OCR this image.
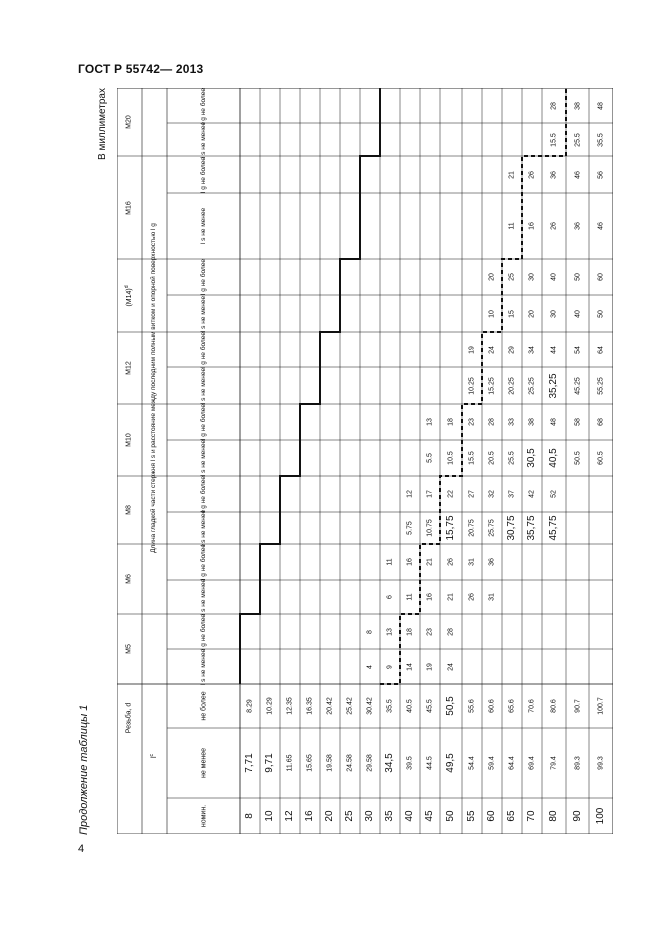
ГОСТ Р 55742— 2013
В миллиметрах
Продолжение таблицы 1
4
M20
M16
$(M14)^d$
M12
M10
M8
M6
M5
Длина гладкой части стержня l s и расстояние между последним полным витком и опорной поверхностью l g
l g не более
l s не менее
l g не более
l s не менее
l g не более
l s не менее
l g не более
l s не менее
l g не более
l s не менее
l g не более
l s не менее
l g не более
l s не менее
l g не более
l s не менее
Резьба, d
$l^c$
не более
не менее
номин.
8.29
7,71
8
10.29
9,71
10
12.35
11.65
12
16.35
15.65
16
20.42
19.58
20
25.42
24.58
25
30.42
29.58
30
4
8
35.5
34,5
35
9
13
6
11
40.5
39.5
40
14
18
11
16
5.75
12
45.5
44.5
45
19
23
16
21
10.75
17
5.5
13
50,5
49,5
50
24
28
21
26
15,75
22
10.5
18
55.6
54.4
55
26
31
20.75
27
15.5
23
10.25
19
60.6
59.4
60
31
36
25.75
32
20.5
28
15.25
24
10
20
65.6
64.4
65
30,75
37
25.5
33
20.25
29
15
25
11
21
70.6
69.4
70
35,75
42
30,5
38
25.25
34
20
30
16
26
80.6
79.4
80
45,75
52
40,5
48
35,25
44
30
40
26
36
15.5
28
90.7
89.3
90
50.5
58
45.25
54
40
50
36
46
25.5
38
100.7
99.3
100
60.5
68
55.25
64
50
60
46
56
35.5
48
